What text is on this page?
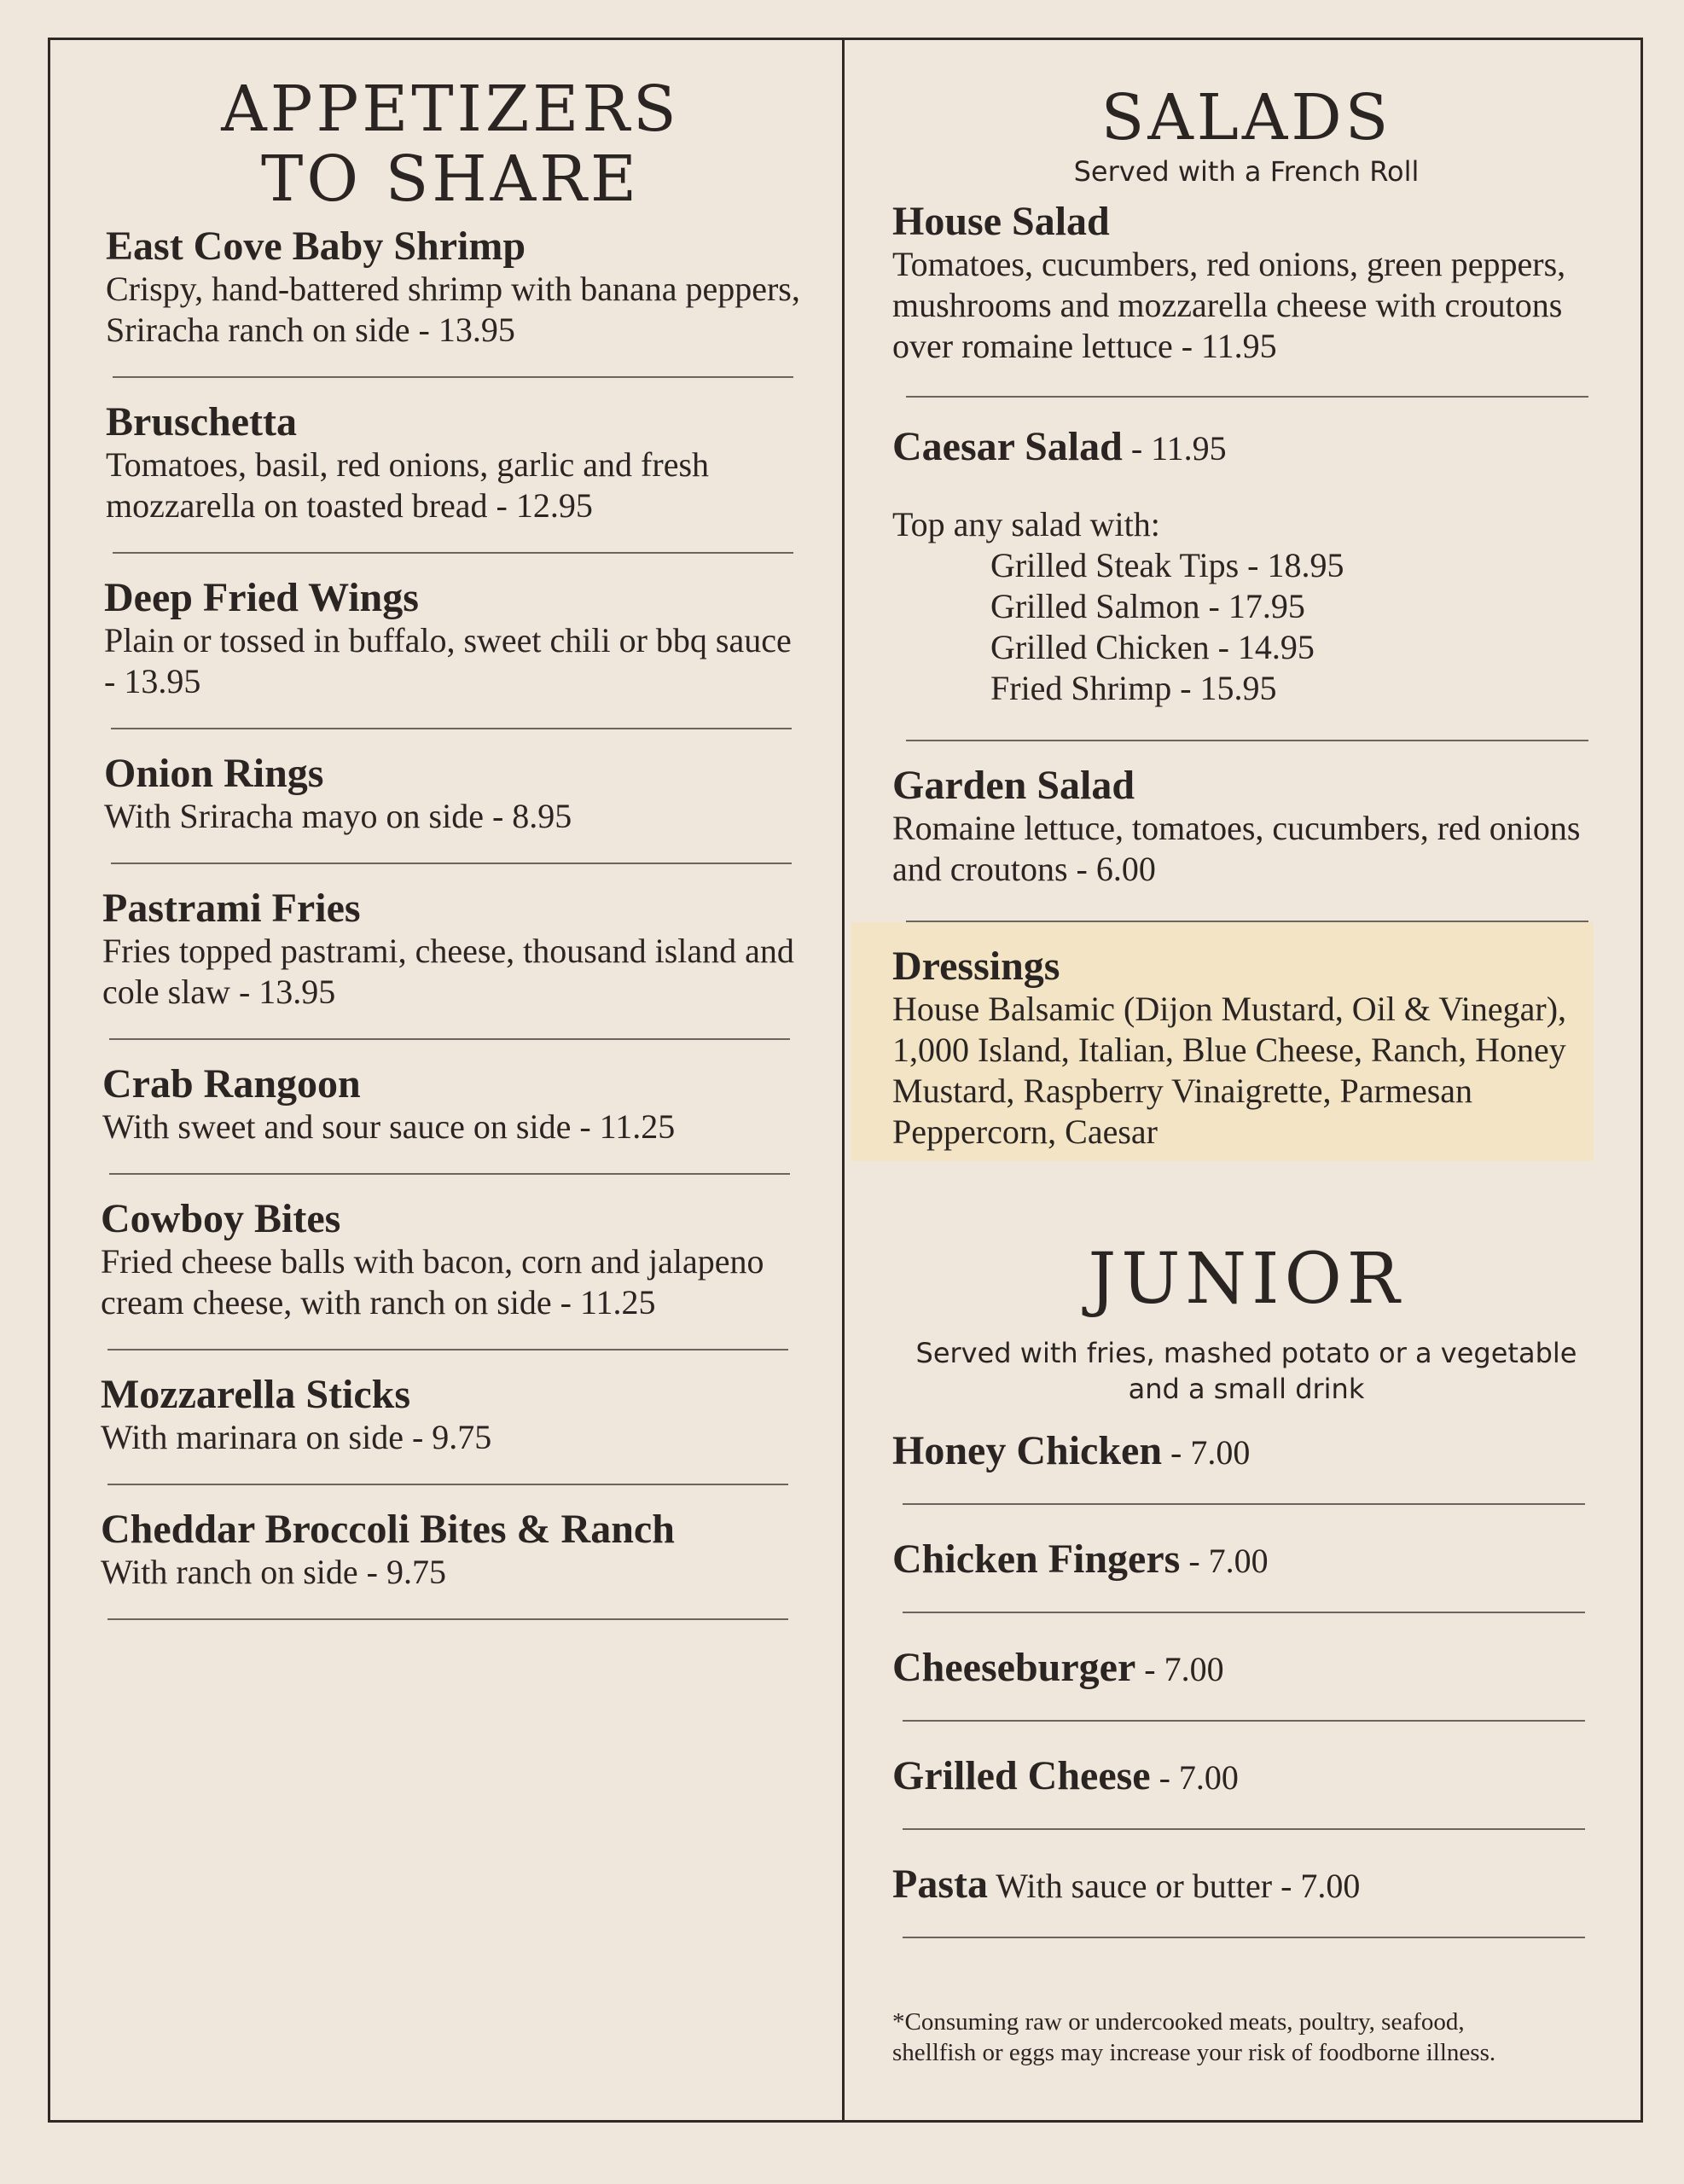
APPETIZERS
TO SHARE
East Cove Baby Shrimp
Crispy, hand-battered shrimp with banana peppers, Sriracha ranch on side - 13.95
Bruschetta
Tomatoes, basil, red onions, garlic and fresh mozzarella on toasted bread - 12.95
Deep Fried Wings
Plain or tossed in buffalo, sweet chili or bbq sauce - 13.95
Onion Rings
With Sriracha mayo on side - 8.95
Pastrami Fries
Fries topped pastrami, cheese, thousand island and cole slaw - 13.95
Crab Rangoon
With sweet and sour sauce on side - 11.25
Cowboy Bites
Fried cheese balls with bacon, corn and jalapeno cream cheese, with ranch on side - 11.25
Mozzarella Sticks
With marinara on side - 9.75
Cheddar Broccoli Bites & Ranch
With ranch on side - 9.75
SALADS
Served with a French Roll
House Salad
Tomatoes, cucumbers, red onions, green peppers, mushrooms and mozzarella cheese with croutons over romaine lettuce - 11.95
Caesar Salad - 11.95
Top any salad with:
Grilled Steak Tips - 18.95
Grilled Salmon - 17.95
Grilled Chicken - 14.95
Fried Shrimp - 15.95
Garden Salad
Romaine lettuce, tomatoes, cucumbers, red onions and croutons - 6.00
Dressings
House Balsamic (Dijon Mustard, Oil & Vinegar), 1,000 Island, Italian, Blue Cheese, Ranch, Honey Mustard, Raspberry Vinaigrette, Parmesan Peppercorn, Caesar
JUNIOR
Served with fries, mashed potato or a vegetable
and a small drink
Honey Chicken - 7.00
Chicken Fingers - 7.00
Cheeseburger - 7.00
Grilled Cheese - 7.00
Pasta With sauce or butter - 7.00
*Consuming raw or undercooked meats, poultry, seafood,
shellfish or eggs may increase your risk of foodborne illness.
